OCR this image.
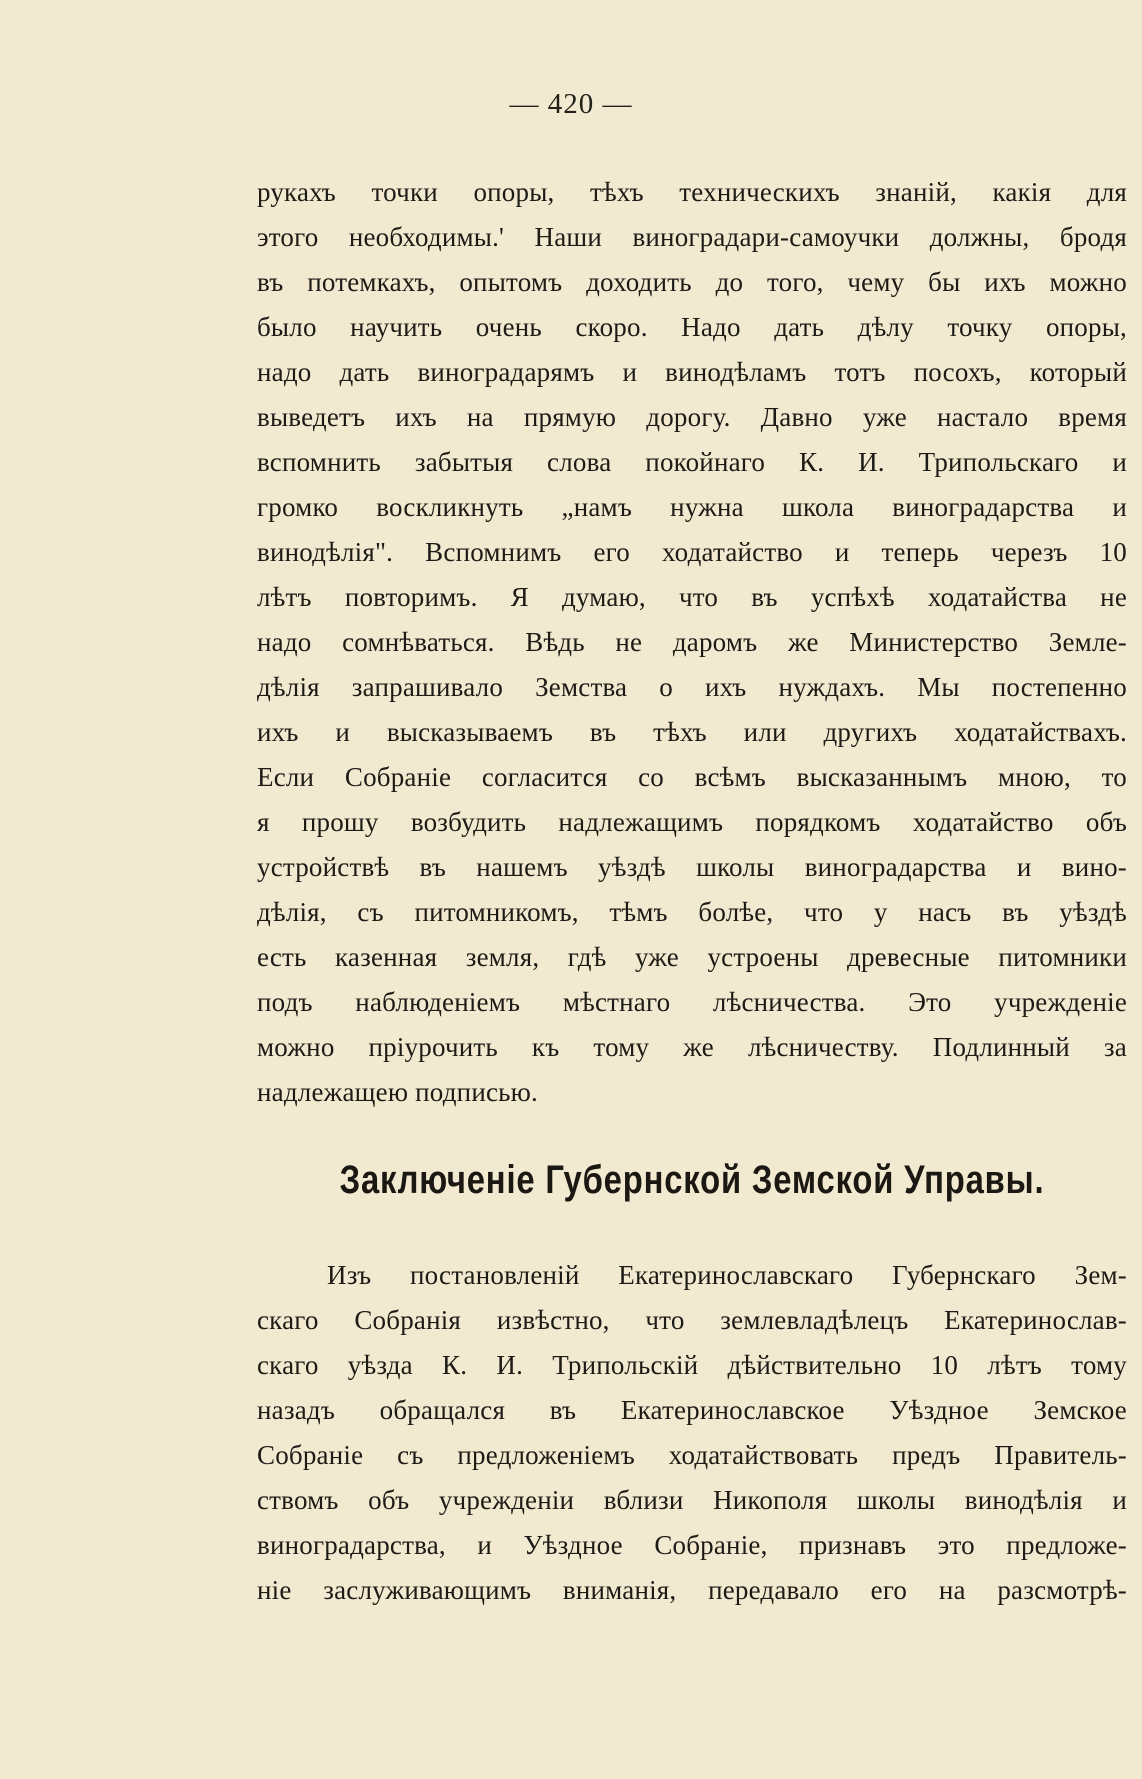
— 420 —
рукахъ точки опоры, тѣхъ техническихъ знаній, какія для
этого необходимы.' Наши виноградари-самоучки должны, бродя
въ потемкахъ, опытомъ доходить до того, чему бы ихъ можно
было научить очень скоро. Надо дать дѣлу точку опоры,
надо дать виноградарямъ и винодѣламъ тотъ посохъ, который
выведетъ ихъ на прямую дорогу. Давно уже настало время
вспомнить забытыя слова покойнаго К. И. Трипольскаго и
громко воскликнуть „намъ нужна школа виноградарства и
винодѣлія". Вспомнимъ его ходатайство и теперь черезъ 10
лѣтъ повторимъ. Я думаю, что въ успѣхѣ ходатайства не
надо сомнѣваться. Вѣдь не даромъ же Министерство Земле-
дѣлія запрашивало Земства о ихъ нуждахъ. Мы постепенно
ихъ и высказываемъ въ тѣхъ или другихъ ходатайствахъ.
Если Собраніе согласится со всѣмъ высказаннымъ мною, то
я прошу возбудить надлежащимъ порядкомъ ходатайство объ
устройствѣ въ нашемъ уѣздѣ школы виноградарства и вино-
дѣлія, съ питомникомъ, тѣмъ болѣе, что у насъ въ уѣздѣ
есть казенная земля, гдѣ уже устроены древесные питомники
подъ наблюденіемъ мѣстнаго лѣсничества. Это учрежденіе
можно пріурочить къ тому же лѣсничеству. Подлинный за
надлежащею подписью.
Заключеніе Губернской Земской Управы.
Изъ постановленій Екатеринославскаго Губернскаго Зем-
скаго Собранія извѣстно, что землевладѣлецъ Екатеринослав-
скаго уѣзда К. И. Трипольскій дѣйствительно 10 лѣтъ тому
назадъ обращался въ Екатеринославское Уѣздное Земское
Собраніе съ предложеніемъ ходатайствовать предъ Правитель-
ствомъ объ учрежденіи вблизи Никополя школы винодѣлія и
виноградарства, и Уѣздное Собраніе, признавъ это предложе-
ніе заслуживающимъ вниманія, передавало его на разсмотрѣ-
